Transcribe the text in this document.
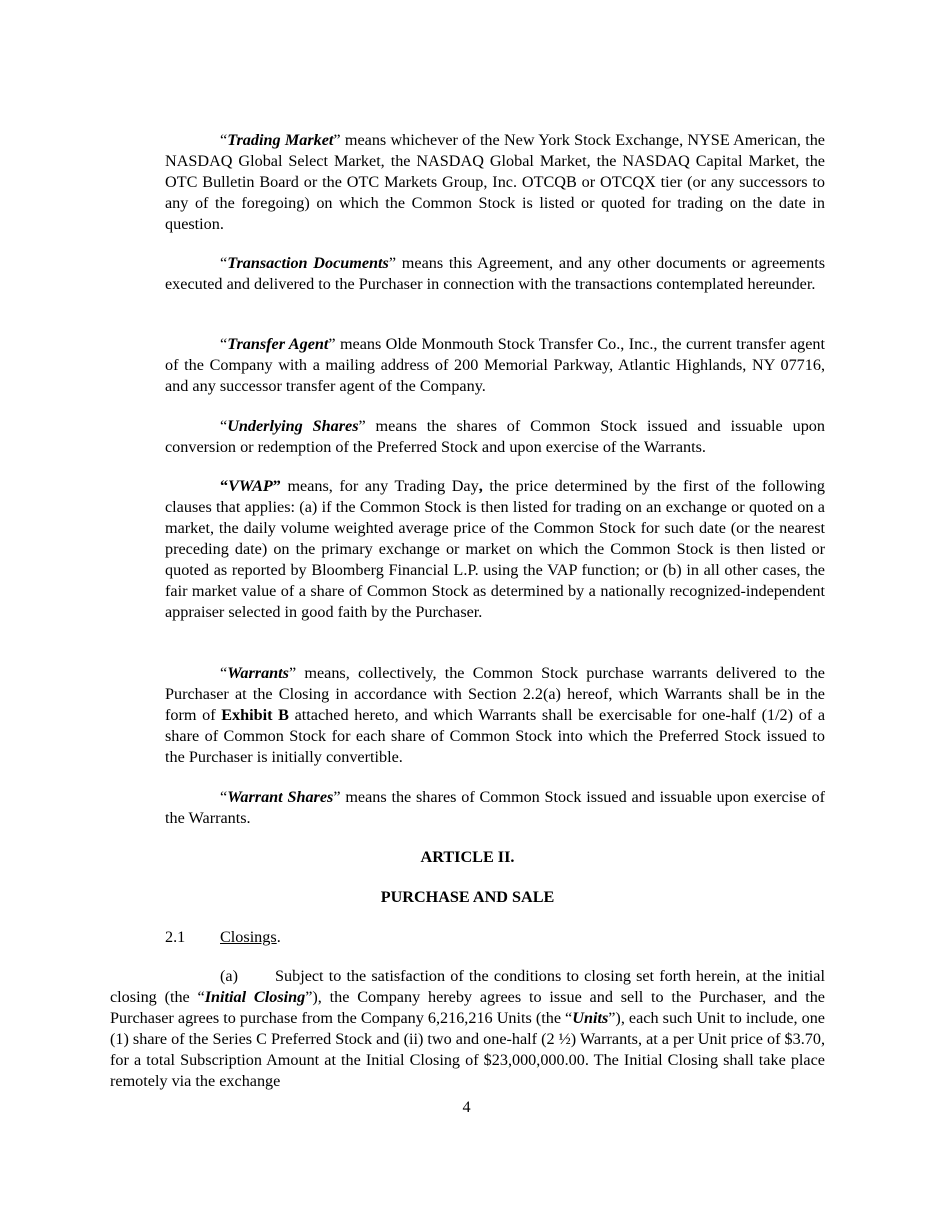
“Trading Market” means whichever of the New York Stock Exchange, NYSE American, the NASDAQ Global Select Market, the NASDAQ Global Market, the NASDAQ Capital Market, the OTC Bulletin Board or the OTC Markets Group, Inc. OTCQB or OTCQX tier (or any successors to any of the foregoing) on which the Common Stock is listed or quoted for trading on the date in question.

“Transaction Documents” means this Agreement, and any other documents or agreements executed and delivered to the Purchaser in connection with the transactions contemplated hereunder.

“Transfer Agent” means Olde Monmouth Stock Transfer Co., Inc., the current transfer agent of the Company with a mailing address of 200 Memorial Parkway, Atlantic Highlands, NY 07716, and any successor transfer agent of the Company.

“Underlying Shares” means the shares of Common Stock issued and issuable upon conversion or redemption of the Preferred Stock and upon exercise of the Warrants.

“VWAP” means, for any Trading Day, the price determined by the first of the following clauses that applies: (a) if the Common Stock is then listed for trading on an exchange or quoted on a market, the daily volume weighted average price of the Common Stock for such date (or the nearest preceding date) on the primary exchange or market on which the Common Stock is then listed or quoted as reported by Bloomberg Financial L.P. using the VAP function; or (b) in all other cases, the fair market value of a share of Common Stock as determined by a nationally recognized-independent appraiser selected in good faith by the Purchaser.

“Warrants” means, collectively, the Common Stock purchase warrants delivered to the Purchaser at the Closing in accordance with Section 2.2(a) hereof, which Warrants shall be in the form of Exhibit B attached hereto, and which Warrants shall be exercisable for one-half (1/2) of a share of Common Stock for each share of Common Stock into which the Preferred Stock issued to the Purchaser is initially convertible.

“Warrant Shares” means the shares of Common Stock issued and issuable upon exercise of the Warrants.

ARTICLE II.

PURCHASE AND SALE

2.1 Closings.

(a) Subject to the satisfaction of the conditions to closing set forth herein, at the initial closing (the “Initial Closing”), the Company hereby agrees to issue and sell to the Purchaser, and the Purchaser agrees to purchase from the Company 6,216,216 Units (the “Units”), each such Unit to include, one (1) share of the Series C Preferred Stock and (ii) two and one-half (2 ½) Warrants, at a per Unit price of $3.70, for a total Subscription Amount at the Initial Closing of $23,000,000.00. The Initial Closing shall take place remotely via the exchange

4
